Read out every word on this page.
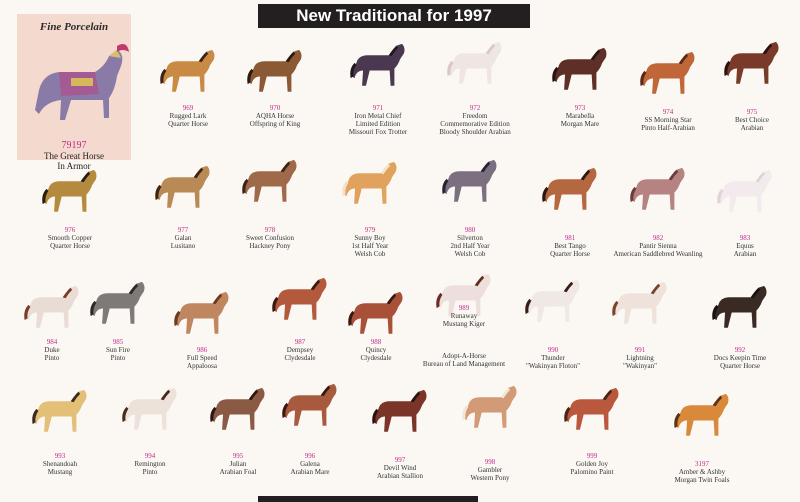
New Traditional for 1997
Fine Porcelain
79197
The Great Horse
In Armor
969
Rugged Lark
Quarter Horse
970
AQHA Horse
Offspring of King
971
Iron Metal Chief
Limited Edition
Missouri Fox Trotter
972
Freedom
Commemorative Edition
Bloody Shoulder Arabian
973
Marabella
Morgan Mare
974
SS Morning Star
Pinto Half-Arabian
975
Best Choice
Arabian
976
Smooth Copper
Quarter Horse
977
Galan
Lusitano
978
Sweet Confusion
Hackney Pony
979
Sunny Boy
1st Half Year
Welsh Cob
980
Silverton
2nd Half Year
Welsh Cob
981
Best Tango
Quarter Horse
982
Pantir Sienna
American Saddlebred Weanling
983
Equus
Arabian
984
Duke
Pinto
985
Sun Fire
Pinto
986
Full Speed
Appaloosa
987
Dempsey
Clydesdale
988
Quincy
Clydesdale
989
Runaway
Mustang Kiger
Adopt-A-Horse
Bureau of Land Management
990
Thunder
"Wakinyan Floton"
991
Lightning
"Wakinyan"
992
Docs Keepin Time
Quarter Horse
993
Shenandoah
Mustang
994
Remington
Pinto
995
Julian
Arabian Foal
996
Galena
Arabian Mare
997
Devil Wind
Arabian Stallion
998
Gambler
Western Pony
999
Golden Joy
Palomino Paint
3197
Amber & Ashby
Morgan Twin Foals
